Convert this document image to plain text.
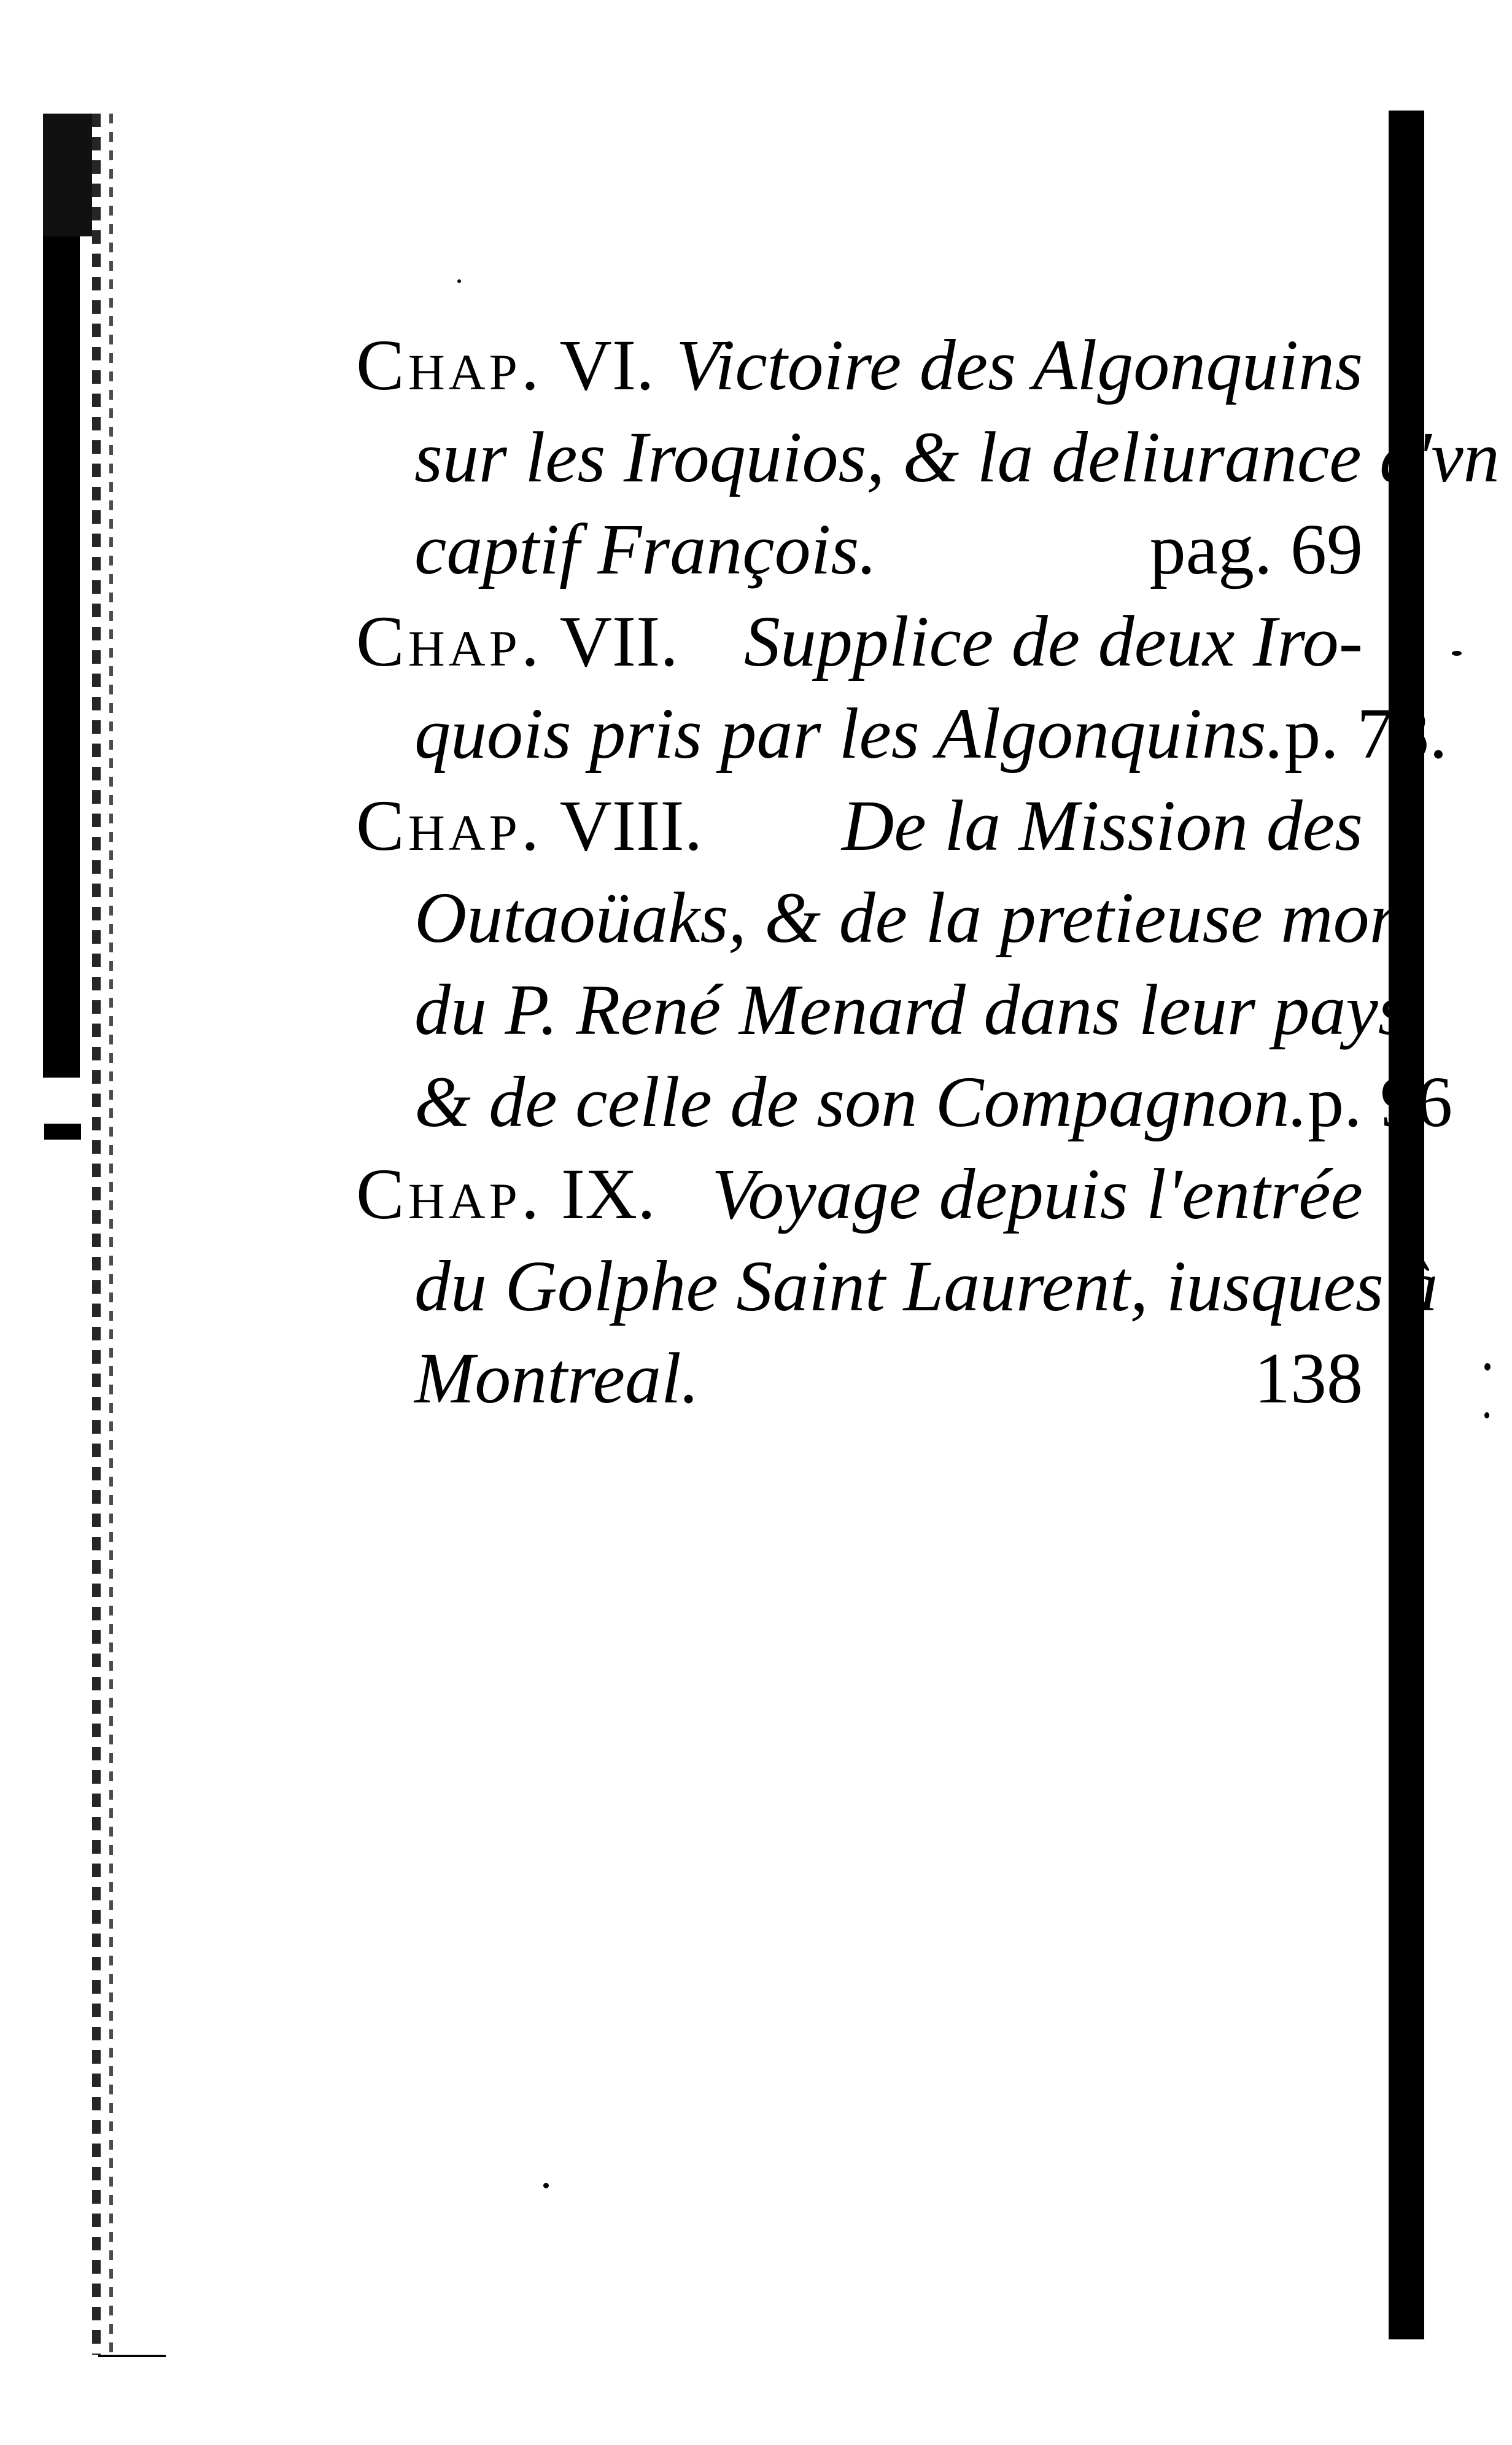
Chap. VI. Victoire des Algonquins
sur les Iroquios, & la deliurance d'vn
captif François.	pag. 69
Chap. VII. Supplice de deux Iro-
quois pris par les Algonquins. p. 78.
Chap. VIII. De la Mission des
Outaoüaks, & de la pretieuse mort
du P. René Menard dans leur pays,
& de celle de son Compagnon. p. 96
Chap. IX. Voyage depuis l'entrée
du Golphe Saint Laurent, iusques à
Montreal.	138
